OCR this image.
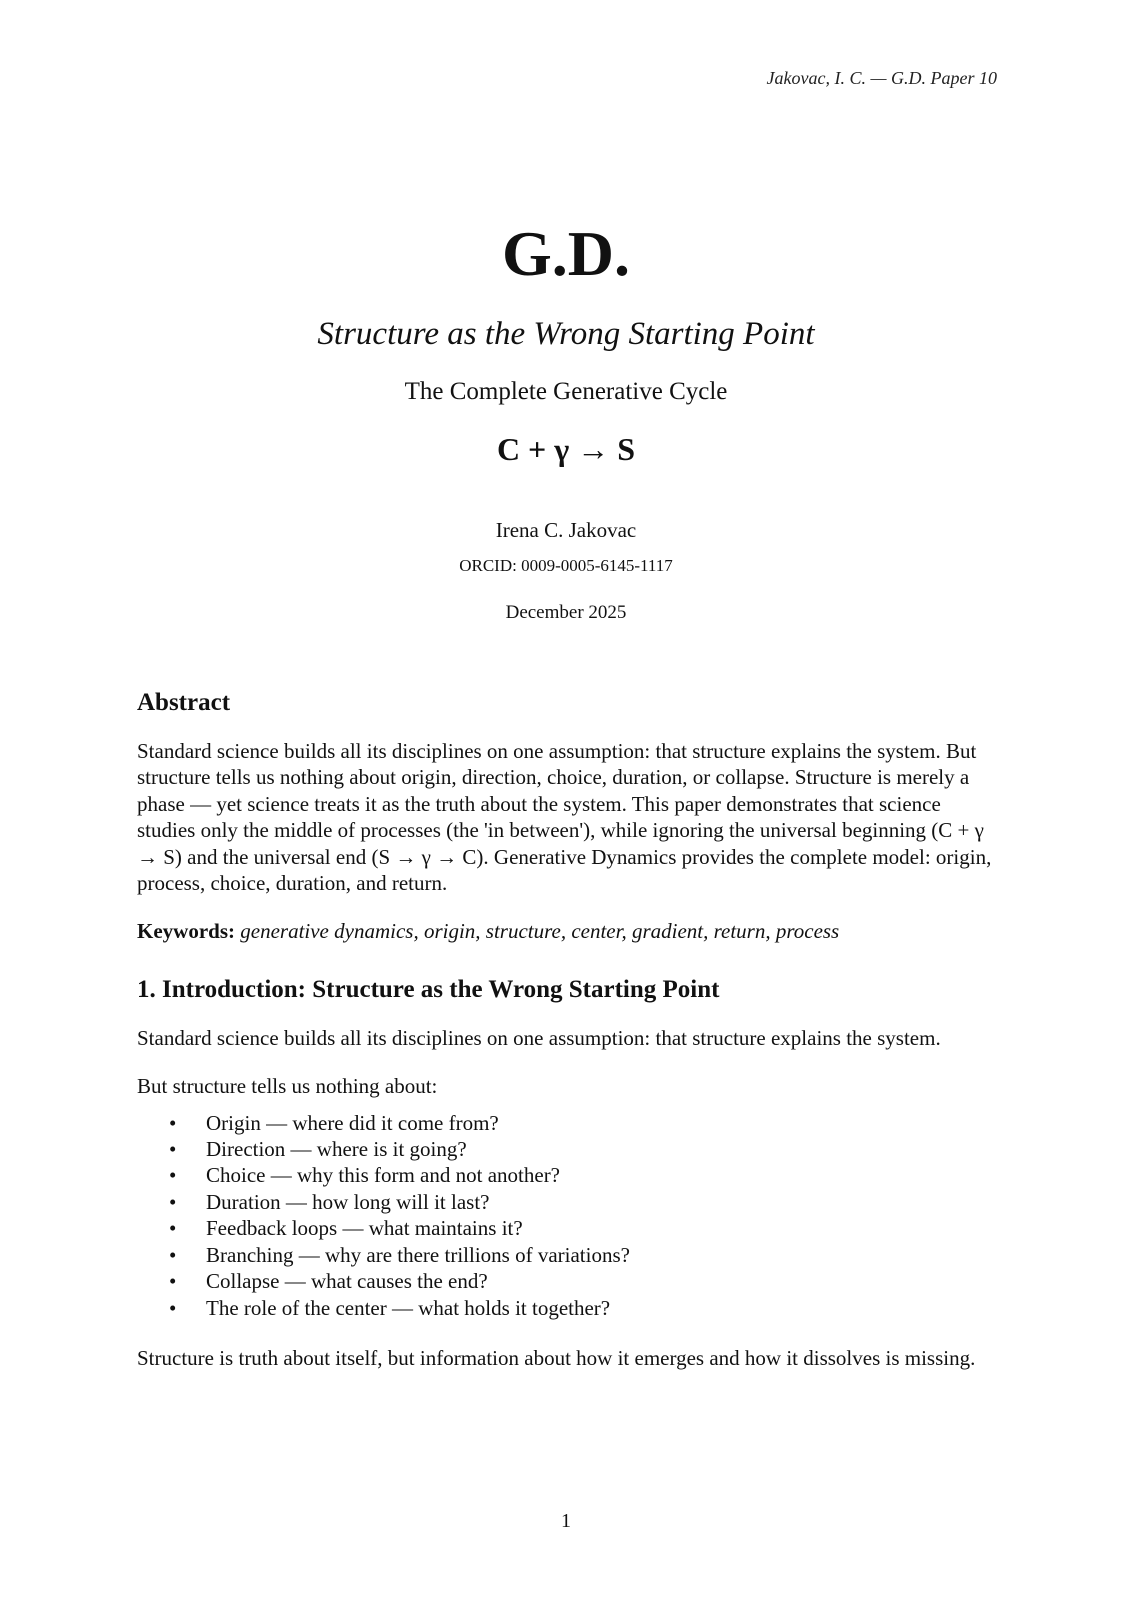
Jakovac, I. C. — G.D. Paper 10
G.D.
Structure as the Wrong Starting Point
The Complete Generative Cycle
C + γ → S
Irena C. Jakovac
ORCID: 0009-0005-6145-1117
December 2025
Abstract

Standard science builds all its disciplines on one assumption: that structure explains the system. But structure tells us nothing about origin, direction, choice, duration, or collapse. Structure is merely a phase — yet science treats it as the truth about the system. This paper demonstrates that science studies only the middle of processes (the 'in between'), while ignoring the universal beginning (C + γ → S) and the universal end (S → γ → C). Generative Dynamics provides the complete model: origin, process, choice, duration, and return.

Keywords: generative dynamics, origin, structure, center, gradient, return, process

1. Introduction: Structure as the Wrong Starting Point

Standard science builds all its disciplines on one assumption: that structure explains the system.

But structure tells us nothing about:

• Origin — where did it come from?
• Direction — where is it going?
• Choice — why this form and not another?
• Duration — how long will it last?
• Feedback loops — what maintains it?
• Branching — why are there trillions of variations?
• Collapse — what causes the end?
• The role of the center — what holds it together?

Structure is truth about itself, but information about how it emerges and how it dissolves is missing.

1
